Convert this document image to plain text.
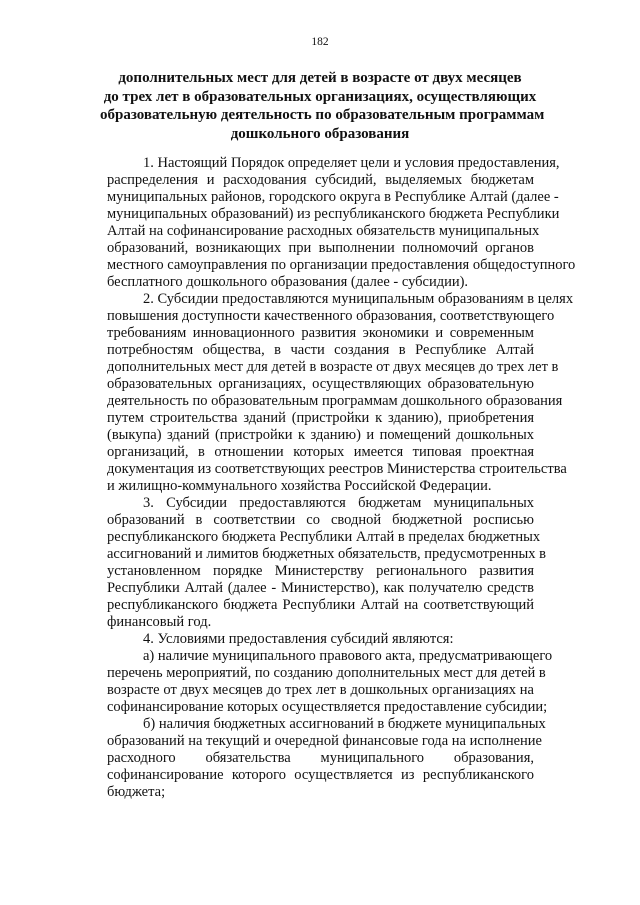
182
дополнительных мест для детей в возрасте от двух месяцев
до трех лет в образовательных организациях, осуществляющих
образовательную деятельность по образовательным программам
дошкольного образования
1. Настоящий Порядок определяет цели и условия предоставления,
распределения и расходования субсидий, выделяемых бюджетам
муниципальных районов, городского округа в Республике Алтай (далее -
муниципальных образований) из республиканского бюджета Республики
Алтай на софинансирование расходных обязательств муниципальных
образований, возникающих при выполнении полномочий органов
местного самоуправления по организации предоставления общедоступного
бесплатного дошкольного образования (далее - субсидии).
2. Субсидии предоставляются муниципальным образованиям в целях
повышения доступности качественного образования, соответствующего
требованиям инновационного развития экономики и современным
потребностям общества, в части создания в Республике Алтай
дополнительных мест для детей в возрасте от двух месяцев до трех лет в
образовательных организациях, осуществляющих образовательную
деятельность по образовательным программам дошкольного образования
путем строительства зданий (пристройки к зданию), приобретения
(выкупа) зданий (пристройки к зданию) и помещений дошкольных
организаций, в отношении которых имеется типовая проектная
документация из соответствующих реестров Министерства строительства
и жилищно-коммунального хозяйства Российской Федерации.
3. Субсидии предоставляются бюджетам муниципальных
образований в соответствии со сводной бюджетной росписью
республиканского бюджета Республики Алтай в пределах бюджетных
ассигнований и лимитов бюджетных обязательств, предусмотренных в
установленном порядке Министерству регионального развития
Республики Алтай (далее - Министерство), как получателю средств
республиканского бюджета Республики Алтай на соответствующий
финансовый год.
4. Условиями предоставления субсидий являются:
а) наличие муниципального правового акта, предусматривающего
перечень мероприятий, по созданию дополнительных мест для детей в
возрасте от двух месяцев до трех лет в дошкольных организациях на
софинансирование которых осуществляется предоставление субсидии;
б) наличия бюджетных ассигнований в бюджете муниципальных
образований на текущий и очередной финансовые года на исполнение
расходного обязательства муниципального образования,
софинансирование которого осуществляется из республиканского
бюджета;
